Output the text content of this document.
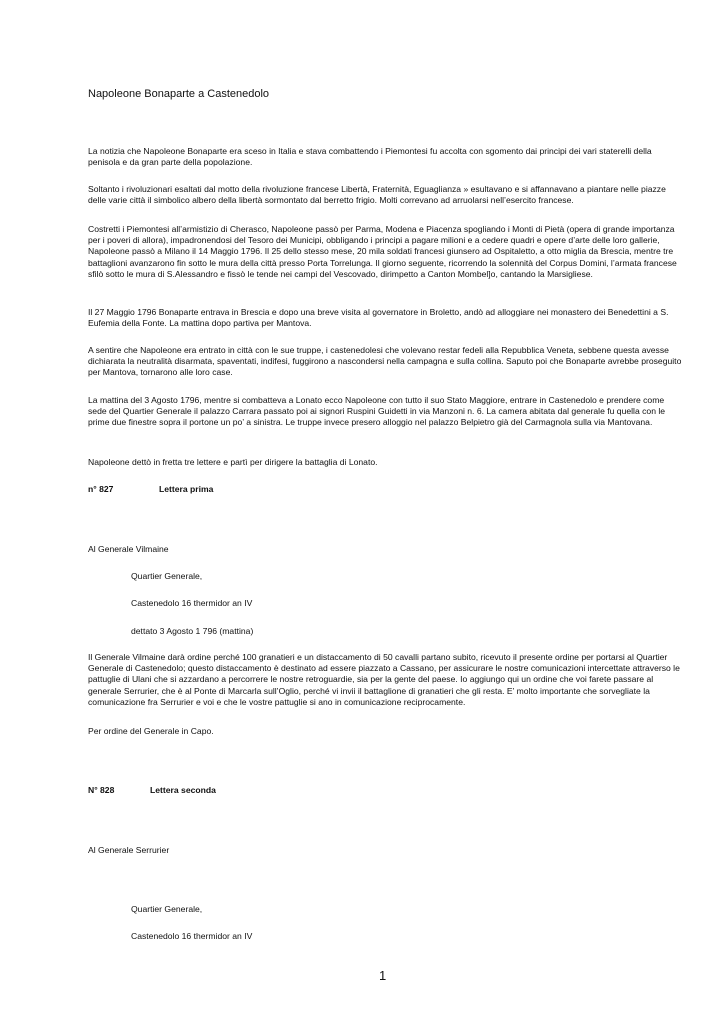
Napoleone Bonaparte a Castenedolo

La notizia che Napoleone Bonaparte era sceso in Italia e stava combattendo i Piemontesi fu accolta con sgomento dai principi dei vari staterelli della penisola e da gran parte della popolazione.

Soltanto i rivoluzionari esaltati dal motto della rivoluzione francese Libertà, Fraternità, Eguaglianza » esultavano e si affannavano a piantare nelle piazze delle varie città il simbolico albero della libertà sormontato dal berretto frigio. Molti correvano ad arruolarsi nell’esercito francese.

Costretti i Piemontesi all’armistizio di Cherasco, Napoleone passò per Parma, Modena e Piacenza spogliando i Monti di Pietà (opera di grande importanza per i poveri di allora), impadronendosi del Tesoro dei Municipi, obbligando i principi a pagare milioni e a cedere quadri e opere d’arte delle loro gallerie, Napoleone passò a Milano il 14 Maggio 1796. Il 25 dello stesso mese, 20 mila soldati francesi giunsero ad Ospitaletto, a otto miglia da Brescia, mentre tre battaglioni avanzarono fin sotto le mura della città presso Porta Torrelunga. Il giorno seguente, ricorrendo la solennità del Corpus Domini, l’armata francese sfilò sotto le mura di S.Alessandro e fissò le tende nei campi del Vescovado, dirimpetto a Canton Mombel]o, cantando la Marsigliese.

Il 27 Maggio 1796 Bonaparte entrava in Brescia e dopo una breve visita al governatore in Broletto, andò ad alloggiare nei monastero dei Benedettini a S. Eufemia della Fonte. La mattina dopo partiva per Mantova.

A sentire che Napoleone era entrato in città con le sue truppe, i castenedolesi che volevano restar fedeli alla Repubblica Veneta, sebbene questa avesse dichiarata la neutralità disarmata, spaventati, indifesi, fuggirono a nascondersi nella campagna e sulla collina. Saputo poi che Bonaparte avrebbe proseguito per Mantova, tornarono alle loro case.

La mattina del 3 Agosto 1796, mentre si combatteva a Lonato ecco Napoleone con tutto il suo Stato Maggiore, entrare in Castenedolo e prendere come sede del Quartier Generale il palazzo Carrara passato poi ai signori Ruspini Guidetti in via Manzoni n. 6. La camera abitata dal generale fu quella con le prime due finestre sopra il portone un po’ a sinistra. Le truppe invece presero alloggio nel palazzo Belpietro già del Carmagnola sulla via Mantovana.

Napoleone dettò in fretta tre lettere e partì per dirigere la battaglia di Lonato.

n° 827	Lettera prima

Al Generale Vilmaine

Quartier Generale,

Castenedolo 16 thermidor an IV

dettato 3 Agosto 1 796 (mattina)

Il Generale Vilmaine darà ordine perché 100 granatieri e un distaccamento di 50 cavalli partano subito, ricevuto il presente ordine per portarsi al Quartier Generale di Castenedolo; questo distaccamento è destinato ad essere piazzato a Cassano, per assicurare le nostre comunicazioni intercettate attraverso le pattuglie di Ulani che si azzardano a percorrere le nostre retroguardie, sia per la gente del paese. Io aggiungo qui un ordine che voi farete passare al generale Serrurier, che è al Ponte di Marcarla sull’Oglio, perché vi invii il battaglione di granatieri che gli resta. E’ molto importante che sorvegliate la comunicazione fra Serrurier e voi e che le vostre pattuglie si ano in comunicazione reciprocamente.

Per ordine del Generale in Capo.

N° 828	Lettera seconda

Al Generale Serrurier

Quartier Generale,

Castenedolo 16 thermidor an IV

1
